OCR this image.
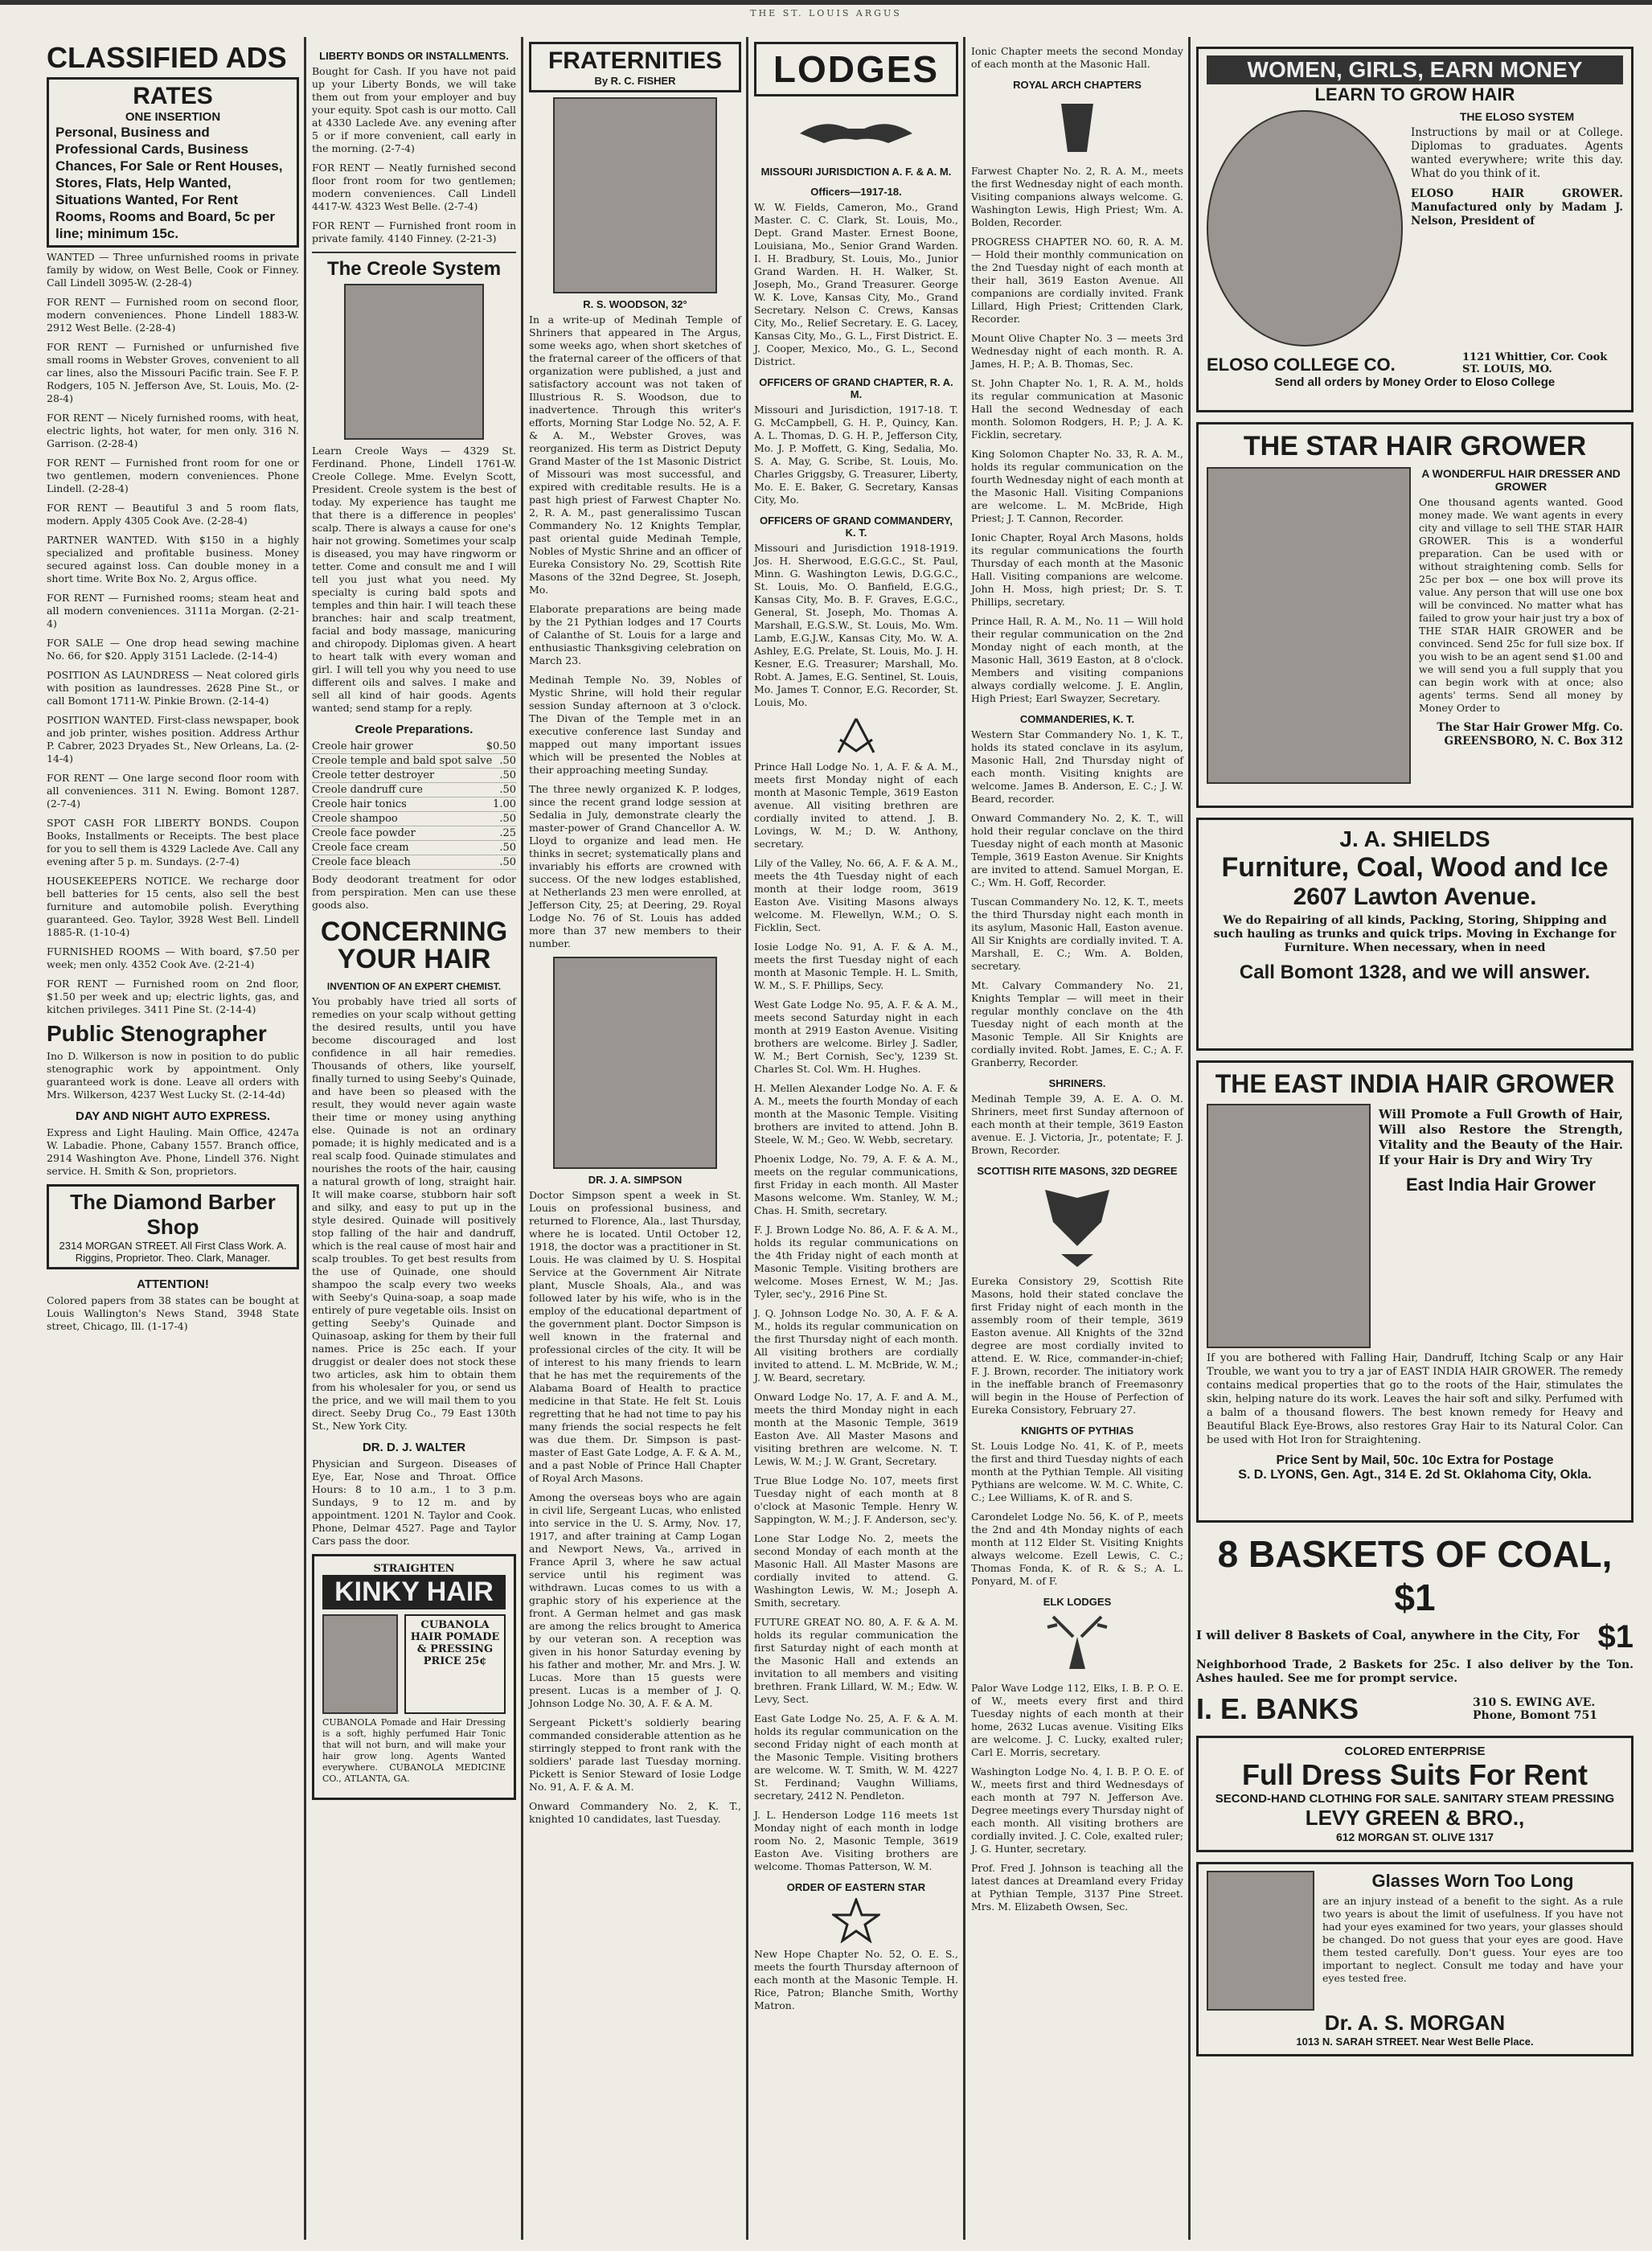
THE ST. LOUIS ARGUS
CLASSIFIED ADS
RATES
ONE INSERTION
Personal, Business and Professional Cards, Business Chances, For Sale or Rent Houses, Stores, Flats, Help Wanted, Situations Wanted, For Rent Rooms, Rooms and Board, 5c per line; minimum 15c.

WANTED — Three unfurnished rooms in private family by widow, on West Belle, Cook or Finney. Call Lindell 3095-W. (2-28-4)

FOR RENT — Furnished room on second floor, modern conveniences. Phone Lindell 1883-W. 2912 West Belle. (2-28-4)

FOR RENT — Furnished or unfurnished five small rooms in Webster Groves, convenient to all car lines, also the Missouri Pacific train. See F. P. Rodgers, 105 N. Jefferson Ave, St. Louis, Mo. (2-28-4)

FOR RENT — Nicely furnished rooms, with heat, electric lights, hot water, for men only. 316 N. Garrison. (2-28-4)

FOR RENT — Furnished front room for one or two gentlemen, modern conveniences. Phone Lindell. (2-28-4)

FOR RENT — Beautiful 3 and 5 room flats, modern. Apply 4305 Cook Ave. (2-28-4)

PARTNER WANTED. With $150 in a highly specialized and profitable business. Money secured against loss. Can double money in a short time. Write Box No. 2, Argus office.

FOR RENT — Furnished rooms; steam heat and all modern conveniences. 3111a Morgan. (2-21-4)

FOR SALE — One drop head sewing machine No. 66, for $20. Apply 3151 Laclede. (2-14-4)

POSITION AS LAUNDRESS — Neat colored girls with position as laundresses. 2628 Pine St., or call Bomont 1711-W. Pinkie Brown. (2-14-4)

POSITION WANTED. First-class newspaper, book and job printer, wishes position. Address Arthur P. Cabrer, 2023 Dryades St., New Orleans, La. (2-14-4)

FOR RENT — One large second floor room with all conveniences. 311 N. Ewing. Bomont 1287. (2-7-4)

SPOT CASH FOR LIBERTY BONDS. Coupon Books, Installments or Receipts. The best place for you to sell them is 4329 Laclede Ave. Call any evening after 5 p. m. Sundays. (2-7-4)

HOUSEKEEPERS NOTICE. We recharge door bell batteries for 15 cents, also sell the best furniture and automobile polish. Everything guaranteed. Geo. Taylor, 3928 West Bell. Lindell 1885-R. (1-10-4)

FURNISHED ROOMS — With board, $7.50 per week; men only. 4352 Cook Ave. (2-21-4)

FOR RENT — Furnished room on 2nd floor, $1.50 per week and up; electric lights, gas, and kitchen privileges. 3411 Pine St. (2-14-4)

Public Stenographer

Ino D. Wilkerson is now in position to do public stenographic work by appointment. Only guaranteed work is done. Leave all orders with Mrs. Wilkerson, 4237 West Lucky St. (2-14-4d)

DAY AND NIGHT AUTO EXPRESS.

Express and Light Hauling. Main Office, 4247a W. Labadie. Phone, Cabany 1557. Branch office, 2914 Washington Ave. Phone, Lindell 376. Night service. H. Smith & Son, proprietors.

The Diamond Barber Shop
2314 MORGAN STREET. All First Class Work. A. Riggins, Proprietor. Theo. Clark, Manager.
ATTENTION!

Colored papers from 38 states can be bought at Louis Wallington's News Stand, 3948 State street, Chicago, Ill. (1-17-4)

LIBERTY BONDS OR INSTALLMENTS.

Bought for Cash. If you have not paid up your Liberty Bonds, we will take them out from your employer and buy your equity. Spot cash is our motto. Call at 4330 Laclede Ave. any evening after 5 or if more convenient, call early in the morning. (2-7-4)

FOR RENT — Neatly furnished second floor front room for two gentlemen; modern conveniences. Call Lindell 4417-W. 4323 West Belle. (2-7-4)

FOR RENT — Furnished front room in private family. 4140 Finney. (2-21-3)

The Creole System

Learn Creole Ways — 4329 St. Ferdinand. Phone, Lindell 1761-W. Creole College. Mme. Evelyn Scott, President. Creole system is the best of today. My experience has taught me that there is a difference in peoples' scalp. There is always a cause for one's hair not growing. Sometimes your scalp is diseased, you may have ringworm or tetter. Come and consult me and I will tell you just what you need. My specialty is curing bald spots and temples and thin hair. I will teach these branches: hair and scalp treatment, facial and body massage, manicuring and chiropody. Diplomas given. A heart to heart talk with every woman and girl. I will tell you why you need to use different oils and salves. I make and sell all kind of hair goods. Agents wanted; send stamp for a reply.

Creole Preparations.
Creole hair grower	$0.50
Creole temple and bald spot salve .50
Creole tetter destroyer	.50
Creole dandruff cure	.50
Creole hair tonics	1.00
Creole shampoo	.50
Creole face powder	.25
Creole face cream	.50
Creole face bleach	.50

Body deodorant treatment for odor from perspiration. Men can use these goods also.

CONCERNING YOUR HAIR
INVENTION OF AN EXPERT CHEMIST.

You probably have tried all sorts of remedies on your scalp without getting the desired results, until you have become discouraged and lost confidence in all hair remedies. Thousands of others, like yourself, finally turned to using Seeby's Quinade, and have been so pleased with the result, they would never again waste their time or money using anything else. Quinade is not an ordinary pomade; it is highly medicated and is a real scalp food. Quinade stimulates and nourishes the roots of the hair, causing a natural growth of long, straight hair. It will make coarse, stubborn hair soft and silky, and easy to put up in the style desired. Quinade will positively stop falling of the hair and dandruff, which is the real cause of most hair and scalp troubles. To get best results from the use of Quinade, one should shampoo the scalp every two weeks with Seeby's Quina-soap, a soap made entirely of pure vegetable oils. Insist on getting Seeby's Quinade and Quinasoap, asking for them by their full names. Price is 25c each. If your druggist or dealer does not stock these two articles, ask him to obtain them from his wholesaler for you, or send us the price, and we will mail them to you direct. Seeby Drug Co., 79 East 130th St., New York City.

DR. D. J. WALTER

Physician and Surgeon. Diseases of Eye, Ear, Nose and Throat. Office Hours: 8 to 10 a.m., 1 to 3 p.m. Sundays, 9 to 12 m. and by appointment. 1201 N. Taylor and Cook. Phone, Delmar 4527. Page and Taylor Cars pass the door.

STRAIGHTEN
KINKY HAIR
CUBANOLA HAIR POMADE & PRESSING
PRICE 25¢

CUBANOLA Pomade and Hair Dressing is a soft, highly perfumed Hair Tonic that will not burn, and will make your hair grow long. Agents Wanted everywhere. CUBANOLA MEDICINE CO., ATLANTA, GA.

FRATERNITIES
By R. C. FISHER
R. S. WOODSON, 32°

In a write-up of Medinah Temple of Shriners that appeared in The Argus, some weeks ago, when short sketches of the fraternal career of the officers of that organization were published, a just and satisfactory account was not taken of Illustrious R. S. Woodson, due to inadvertence. Through this writer's efforts, Morning Star Lodge No. 52, A. F. & A. M., Webster Groves, was reorganized. His term as District Deputy Grand Master of the 1st Masonic District of Missouri was most successful, and expired with creditable results. He is a past high priest of Farwest Chapter No. 2, R. A. M., past generalissimo Tuscan Commandery No. 12 Knights Templar, past oriental guide Medinah Temple, Nobles of Mystic Shrine and an officer of Eureka Consistory No. 29, Scottish Rite Masons of the 32nd Degree, St. Joseph, Mo.

Elaborate preparations are being made by the 21 Pythian lodges and 17 Courts of Calanthe of St. Louis for a large and enthusiastic Thanksgiving celebration on March 23.

Medinah Temple No. 39, Nobles of Mystic Shrine, will hold their regular session Sunday afternoon at 3 o'clock. The Divan of the Temple met in an executive conference last Sunday and mapped out many important issues which will be presented the Nobles at their approaching meeting Sunday.

The three newly organized K. P. lodges, since the recent grand lodge session at Sedalia in July, demonstrate clearly the master-power of Grand Chancellor A. W. Lloyd to organize and lead men. He thinks in secret; systematically plans and invariably his efforts are crowned with success. Of the new lodges established, at Netherlands 23 men were enrolled, at Jefferson City, 25; at Deering, 29. Royal Lodge No. 76 of St. Louis has added more than 37 new members to their number.

DR. J. A. SIMPSON

Doctor Simpson spent a week in St. Louis on professional business, and returned to Florence, Ala., last Thursday, where he is located. Until October 12, 1918, the doctor was a practitioner in St. Louis. He was claimed by U. S. Hospital Service at the Government Air Nitrate plant, Muscle Shoals, Ala., and was followed later by his wife, who is in the employ of the educational department of the government plant. Doctor Simpson is well known in the fraternal and professional circles of the city. It will be of interest to his many friends to learn that he has met the requirements of the Alabama Board of Health to practice medicine in that State. He felt St. Louis regretting that he had not time to pay his many friends the social respects he felt was due them. Dr. Simpson is past-master of East Gate Lodge, A. F. & A. M., and a past Noble of Prince Hall Chapter of Royal Arch Masons.

Among the overseas boys who are again in civil life, Sergeant Lucas, who enlisted into service in the U. S. Army, Nov. 17, 1917, and after training at Camp Logan and Newport News, Va., arrived in France April 3, where he saw actual service until his regiment was withdrawn. Lucas comes to us with a graphic story of his experience at the front. A German helmet and gas mask are among the relics brought to America by our veteran son. A reception was given in his honor Saturday evening by his father and mother, Mr. and Mrs. J. W. Lucas. More than 15 guests were present. Lucas is a member of J. Q. Johnson Lodge No. 30, A. F. & A. M.

Sergeant Pickett's soldierly bearing commanded considerable attention as he stirringly stepped to front rank with the soldiers' parade last Tuesday morning. Pickett is Senior Steward of Iosie Lodge No. 91, A. F. & A. M.

Onward Commandery No. 2, K. T., knighted 10 candidates, last Tuesday.

LODGES
MISSOURI JURISDICTION A. F. & A. M.
Officers—1917-18.

W. W. Fields, Cameron, Mo., Grand Master. C. C. Clark, St. Louis, Mo., Dept. Grand Master. Ernest Boone, Louisiana, Mo., Senior Grand Warden. I. H. Bradbury, St. Louis, Mo., Junior Grand Warden. H. H. Walker, St. Joseph, Mo., Grand Treasurer. George W. K. Love, Kansas City, Mo., Grand Secretary. Nelson C. Crews, Kansas City, Mo., Relief Secretary. E. G. Lacey, Kansas City, Mo., G. L., First District. E. J. Cooper, Mexico, Mo., G. L., Second District.

OFFICERS OF GRAND CHAPTER, R. A. M.

Missouri and Jurisdiction, 1917-18. T. G. McCampbell, G. H. P., Quincy, Kan. A. L. Thomas, D. G. H. P., Jefferson City, Mo. J. P. Moffett, G. King, Sedalia, Mo. S. A. May, G. Scribe, St. Louis, Mo. Charles Griggsby, G. Treasurer, Liberty, Mo. E. E. Baker, G. Secretary, Kansas City, Mo.

OFFICERS OF GRAND COMMANDERY, K. T.

Missouri and Jurisdiction 1918-1919. Jos. H. Sherwood, E.G.G.C., St. Paul, Minn. G. Washington Lewis, D.G.G.C., St. Louis, Mo. O. Banfield, E.G.G., Kansas City, Mo. B. F. Graves, E.G.C., General, St. Joseph, Mo. Thomas A. Marshall, E.G.S.W., St. Louis, Mo. Wm. Lamb, E.G.J.W., Kansas City, Mo. W. A. Ashley, E.G. Prelate, St. Louis, Mo. J. H. Kesner, E.G. Treasurer; Marshall, Mo. Robt. A. James, E.G. Sentinel, St. Louis, Mo. James T. Connor, E.G. Recorder, St. Louis, Mo.

Prince Hall Lodge No. 1, A. F. & A. M., meets first Monday night of each month at Masonic Temple, 3619 Easton avenue. All visiting brethren are cordially invited to attend. J. B. Lovings, W. M.; D. W. Anthony, secretary.

Lily of the Valley, No. 66, A. F. & A. M., meets the 4th Tuesday night of each month at their lodge room, 3619 Easton Ave. Visiting Masons always welcome. M. Flewellyn, W.M.; O. S. Ficklin, Sect.

Iosie Lodge No. 91, A. F. & A. M., meets the first Tuesday night of each month at Masonic Temple. H. L. Smith, W. M., S. F. Phillips, Secy.

West Gate Lodge No. 95, A. F. & A. M., meets second Saturday night in each month at 2919 Easton Avenue. Visiting brothers are welcome. Birley J. Sadler, W. M.; Bert Cornish, Sec'y, 1239 St. Charles St. Col. Wm. H. Hughes.

H. Mellen Alexander Lodge No. A. F. & A. M., meets the fourth Monday of each month at the Masonic Temple. Visiting brothers are invited to attend. John B. Steele, W. M.; Geo. W. Webb, secretary.

Phoenix Lodge, No. 79, A. F. & A. M., meets on the regular communications, first Friday in each month. All Master Masons welcome. Wm. Stanley, W. M.; Chas. H. Smith, secretary.

F. J. Brown Lodge No. 86, A. F. & A. M., holds its regular communications on the 4th Friday night of each month at Masonic Temple. Visiting brothers are welcome. Moses Ernest, W. M.; Jas. Tyler, sec'y., 2916 Pine St.

J. Q. Johnson Lodge No. 30, A. F. & A. M., holds its regular communication on the first Thursday night of each month. All visiting brothers are cordially invited to attend. L. M. McBride, W. M.; J. W. Beard, secretary.

Onward Lodge No. 17, A. F. and A. M., meets the third Monday night in each month at the Masonic Temple, 3619 Easton Ave. All Master Masons and visiting brethren are welcome. N. T. Lewis, W. M.; J. W. Grant, Secretary.

True Blue Lodge No. 107, meets first Tuesday night of each month at 8 o'clock at Masonic Temple. Henry W. Sappington, W. M.; J. F. Anderson, sec'y.

Lone Star Lodge No. 2, meets the second Monday of each month at the Masonic Hall. All Master Masons are cordially invited to attend. G. Washington Lewis, W. M.; Joseph A. Smith, secretary.

FUTURE GREAT NO. 80, A. F. & A. M. holds its regular communication the first Saturday night of each month at the Masonic Hall and extends an invitation to all members and visiting brethren. Frank Lillard, W. M.; Edw. W. Levy, Sect.

East Gate Lodge No. 25, A. F. & A. M. holds its regular communication on the second Friday night of each month at the Masonic Temple. Visiting brothers are welcome. W. T. Smith, W. M. 4227 St. Ferdinand; Vaughn Williams, secretary, 2412 N. Pendleton.

J. L. Henderson Lodge 116 meets 1st Monday night of each month in lodge room No. 2, Masonic Temple, 3619 Easton Ave. Visiting brothers are welcome. Thomas Patterson, W. M.

ORDER OF EASTERN STAR

New Hope Chapter No. 52, O. E. S., meets the fourth Thursday afternoon of each month at the Masonic Temple. H. Rice, Patron; Blanche Smith, Worthy Matron.

Ionic Chapter meets the second Monday of each month at the Masonic Hall.

ROYAL ARCH CHAPTERS

Farwest Chapter No. 2, R. A. M., meets the first Wednesday night of each month. Visiting companions always welcome. G. Washington Lewis, High Priest; Wm. A. Bolden, Recorder.

PROGRESS CHAPTER NO. 60, R. A. M. — Hold their monthly communication on the 2nd Tuesday night of each month at their hall, 3619 Easton Avenue. All companions are cordially invited. Frank Lillard, High Priest; Crittenden Clark, Recorder.

Mount Olive Chapter No. 3 — meets 3rd Wednesday night of each month. R. A. James, H. P.; A. B. Thomas, Sec.

St. John Chapter No. 1, R. A. M., holds its regular communication at Masonic Hall the second Wednesday of each month. Solomon Rodgers, H. P.; J. A. K. Ficklin, secretary.

King Solomon Chapter No. 33, R. A. M., holds its regular communication on the fourth Wednesday night of each month at the Masonic Hall. Visiting Companions are welcome. L. M. McBride, High Priest; J. T. Cannon, Recorder.

Ionic Chapter, Royal Arch Masons, holds its regular communications the fourth Thursday of each month at the Masonic Hall. Visiting companions are welcome. John H. Moss, high priest; Dr. S. T. Phillips, secretary.

Prince Hall, R. A. M., No. 11 — Will hold their regular communication on the 2nd Monday night of each month, at the Masonic Hall, 3619 Easton, at 8 o'clock. Members and visiting companions always cordially welcome. J. E. Anglin, High Priest; Earl Swayzer, Secretary.

COMMANDERIES, K. T.

Western Star Commandery No. 1, K. T., holds its stated conclave in its asylum, Masonic Hall, 2nd Thursday night of each month. Visiting knights are welcome. James B. Anderson, E. C.; J. W. Beard, recorder.

Onward Commandery No. 2, K. T., will hold their regular conclave on the third Tuesday night of each month at Masonic Temple, 3619 Easton Avenue. Sir Knights are invited to attend. Samuel Morgan, E. C.; Wm. H. Goff, Recorder.

Tuscan Commandery No. 12, K. T., meets the third Thursday night each month in its asylum, Masonic Hall, Easton avenue. All Sir Knights are cordially invited. T. A. Marshall, E. C.; Wm. A. Bolden, secretary.

Mt. Calvary Commandery No. 21, Knights Templar — will meet in their regular monthly conclave on the 4th Tuesday night of each month at the Masonic Temple. All Sir Knights are cordially invited. Robt. James, E. C.; A. F. Granberry, Recorder.

SHRINERS.

Medinah Temple 39, A. E. A. O. M. Shriners, meet first Sunday afternoon of each month at their temple, 3619 Easton avenue. E. J. Victoria, Jr., potentate; F. J. Brown, Recorder.

SCOTTISH RITE MASONS, 32D DEGREE

Eureka Consistory 29, Scottish Rite Masons, hold their stated conclave the first Friday night of each month in the assembly room of their temple, 3619 Easton avenue. All Knights of the 32nd degree are most cordially invited to attend. E. W. Rice, commander-in-chief; F. J. Brown, recorder. The initiatory work in the ineffable branch of Freemasonry will begin in the House of Perfection of Eureka Consistory, February 27.

KNIGHTS OF PYTHIAS

St. Louis Lodge No. 41, K. of P., meets the first and third Tuesday nights of each month at the Pythian Temple. All visiting Pythians are welcome. W. M. C. White, C. C.; Lee Williams, K. of R. and S.

Carondelet Lodge No. 56, K. of P., meets the 2nd and 4th Monday nights of each month at 112 Elder St. Visiting Knights always welcome. Ezell Lewis, C. C.; Thomas Fonda, K. of R. & S.; A. L. Ponyard, M. of F.

ELK LODGES

Palor Wave Lodge 112, Elks, I. B. P. O. E. of W., meets every first and third Tuesday nights of each month at their home, 2632 Lucas avenue. Visiting Elks are welcome. J. C. Lucky, exalted ruler; Carl E. Morris, secretary.

Washington Lodge No. 4, I. B. P. O. E. of W., meets first and third Wednesdays of each month at 797 N. Jefferson Ave. Degree meetings every Thursday night of each month. All visiting brothers are cordially invited. J. C. Cole, exalted ruler; J. G. Hunter, secretary.

Prof. Fred J. Johnson is teaching all the latest dances at Dreamland every Friday at Pythian Temple, 3137 Pine Street. Mrs. M. Elizabeth Owsen, Sec.

WOMEN, GIRLS, EARN MONEY
LEARN TO GROW HAIR
THE ELOSO SYSTEM

Instructions by mail or at College. Diplomas to graduates. Agents wanted everywhere; write this day. What do you think of it.

ELOSO HAIR GROWER. Manufactured only by Madam J. Nelson, President of

ELOSO COLLEGE CO.	1121 Whittier, Cor. Cook ST. LOUIS, MO.
Send all orders by Money Order to Eloso College
THE STAR HAIR GROWER
A WONDERFUL HAIR DRESSER AND GROWER

One thousand agents wanted. Good money made. We want agents in every city and village to sell THE STAR HAIR GROWER. This is a wonderful preparation. Can be used with or without straightening comb. Sells for 25c per box — one box will prove its value. Any person that will use one box will be convinced. No matter what has failed to grow your hair just try a box of THE STAR HAIR GROWER and be convinced. Send 25c for full size box. If you wish to be an agent send $1.00 and we will send you a full supply that you can begin work with at once; also agents' terms. Send all money by Money Order to

The Star Hair Grower Mfg. Co. GREENSBORO, N. C. Box 312

J. A. SHIELDS
Furniture, Coal, Wood and Ice
2607 Lawton Avenue.

We do Repairing of all kinds, Packing, Storing, Shipping and such hauling as trunks and quick trips. Moving in Exchange for Furniture. When necessary, when in need

Call Bomont 1328, and we will answer.
THE EAST INDIA HAIR GROWER

Will Promote a Full Growth of Hair, Will also Restore the Strength, Vitality and the Beauty of the Hair. If your Hair is Dry and Wiry Try

East India Hair Grower

If you are bothered with Falling Hair, Dandruff, Itching Scalp or any Hair Trouble, we want you to try a jar of EAST INDIA HAIR GROWER. The remedy contains medical properties that go to the roots of the Hair, stimulates the skin, helping nature do its work. Leaves the hair soft and silky. Perfumed with a balm of a thousand flowers. The best known remedy for Heavy and Beautiful Black Eye-Brows, also restores Gray Hair to its Natural Color. Can be used with Hot Iron for Straightening.

Price Sent by Mail, 50c. 10c Extra for Postage
S. D. LYONS, Gen. Agt., 314 E. 2d St. Oklahoma City, Okla.
8 BASKETS OF COAL, $1

I will deliver 8 Baskets of Coal, anywhere in the City, For $1

Neighborhood Trade, 2 Baskets for 25c. I also deliver by the Ton. Ashes hauled. See me for prompt service.

I. E. BANKS	310 S. EWING AVE. Phone, Bomont 751
COLORED ENTERPRISE
Full Dress Suits For Rent
SECOND-HAND CLOTHING FOR SALE. SANITARY STEAM PRESSING
LEVY GREEN & BRO.,
612 MORGAN ST. OLIVE 1317
Glasses Worn Too Long

are an injury instead of a benefit to the sight. As a rule two years is about the limit of usefulness. If you have not had your eyes examined for two years, your glasses should be changed. Do not guess that your eyes are good. Have them tested carefully. Don't guess. Your eyes are too important to neglect. Consult me today and have your eyes tested free.

Dr. A. S. MORGAN
1013 N. SARAH STREET. Near West Belle Place.
